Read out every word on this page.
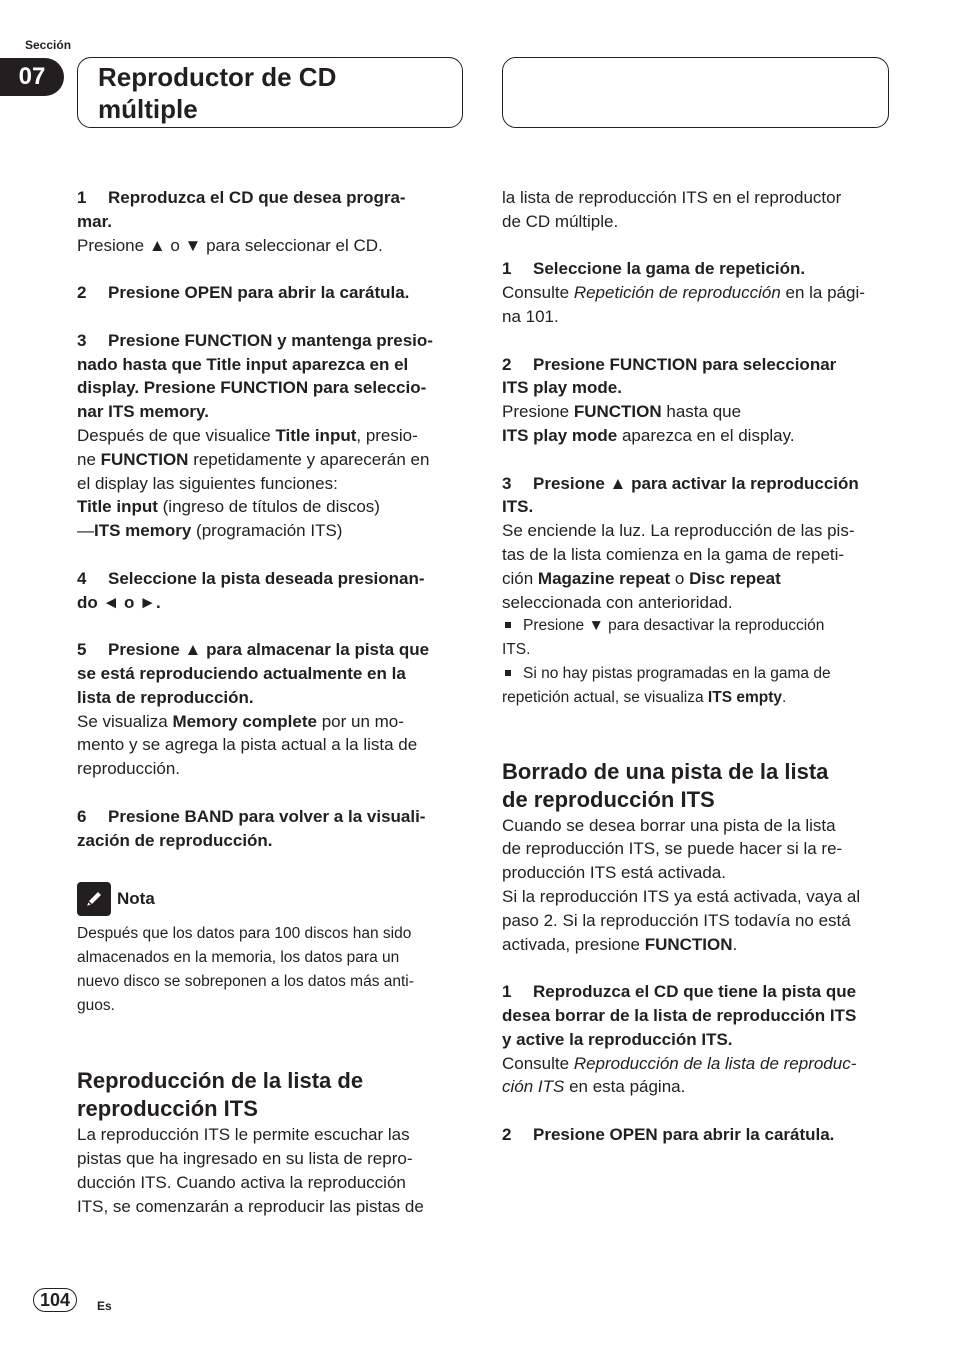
Sección
07	Reproductor de CD
múltiple

1 Reproduzca el CD que desea progra-

mar.

Presione ▲ o ▼ para seleccionar el CD.

2 Presione OPEN para abrir la carátula.

3 Presione FUNCTION y mantenga presio-

nado hasta que Title input aparezca en el

display. Presione FUNCTION para seleccio-

nar ITS memory.

Después de que visualice Title input, presio-

ne FUNCTION repetidamente y aparecerán en

el display las siguientes funciones:

Title input (ingreso de títulos de discos)

—ITS memory (programación ITS)

4 Seleccione la pista deseada presionan-

do ◄ o ►.

5 Presione ▲ para almacenar la pista que

se está reproduciendo actualmente en la

lista de reproducción.

Se visualiza Memory complete por un mo-

mento y se agrega la pista actual a la lista de

reproducción.

6 Presione BAND para volver a la visuali-

zación de reproducción.

Nota

Después que los datos para 100 discos han sido

almacenados en la memoria, los datos para un

nuevo disco se sobreponen a los datos más anti-

guos.

Reproducción de la lista de

reproducción ITS

La reproducción ITS le permite escuchar las

pistas que ha ingresado en su lista de repro-

ducción ITS. Cuando activa la reproducción

ITS, se comenzarán a reproducir las pistas de

la lista de reproducción ITS en el reproductor

de CD múltiple.

1 Seleccione la gama de repetición.

Consulte Repetición de reproducción en la pági-

na 101.

2 Presione FUNCTION para seleccionar

ITS play mode.

Presione FUNCTION hasta que

ITS play mode aparezca en el display.

3 Presione ▲ para activar la reproducción

ITS.

Se enciende la luz. La reproducción de las pis-

tas de la lista comienza en la gama de repeti-

ción Magazine repeat o Disc repeat

seleccionada con anterioridad.

Presione ▼ para desactivar la reproducción

ITS.

Si no hay pistas programadas en la gama de

repetición actual, se visualiza ITS empty.

Borrado de una pista de la lista

de reproducción ITS

Cuando se desea borrar una pista de la lista

de reproducción ITS, se puede hacer si la re-

producción ITS está activada.

Si la reproducción ITS ya está activada, vaya al

paso 2. Si la reproducción ITS todavía no está

activada, presione FUNCTION.

1 Reproduzca el CD que tiene la pista que

desea borrar de la lista de reproducción ITS

y active la reproducción ITS.

Consulte Reproducción de la lista de reproduc-

ción ITS en esta página.

2 Presione OPEN para abrir la carátula.

104	Es
